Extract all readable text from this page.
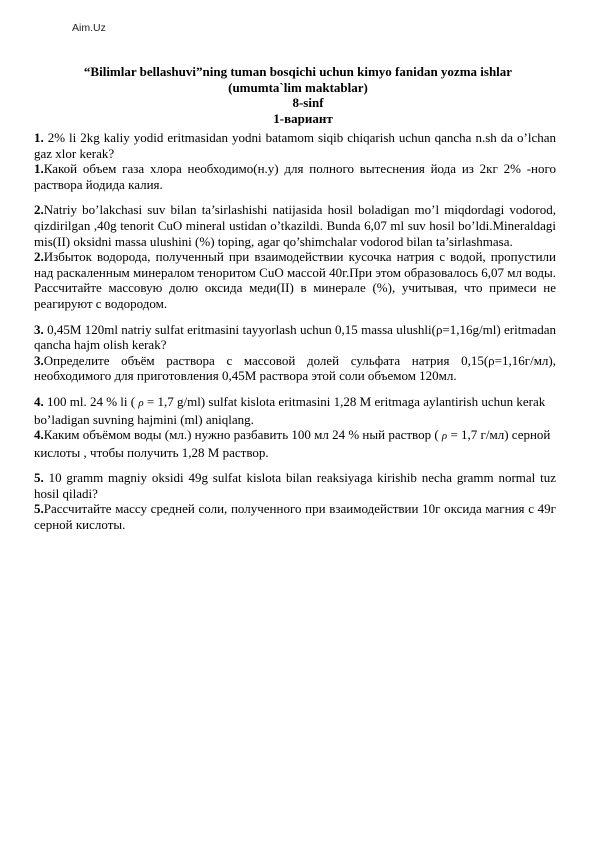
Aim.Uz
“Bilimlar bellashuvi”ning tuman bosqichi uchun kimyo fanidan yozma ishlar
(umumta`lim maktablar)
8-sinf
1-вариант

1. 2% li 2kg kaliy yodid eritmasidan yodni batamom siqib chiqarish uchun qancha n.sh da o’lchan gaz xlor kerak?

1.Какой объем газа хлора необходимо(н.у) для полного вытеснения йода из 2кг 2% -ного раствора йодида калия.

2.Natriy bo’lakchasi suv bilan ta’sirlashishi natijasida hosil boladigan mo’l miqdordagi vodorod, qizdirilgan ,40g tenorit CuO mineral ustidan o’tkazildi. Bunda 6,07 ml suv hosil bo’ldi.Mineraldagi mis(II) oksidni massa ulushini (%) toping, agar qo’shimchalar vodorod bilan ta’sirlashmasa.

2.Избыток водорода, полученный при взаимодействии кусочка натрия с водой, пропустили над раскаленным минералом тенoритом CuO массой 40г.При этом образовалось 6,07 мл воды. Рассчитайте массовую долю оксида меди(II) в минерале (%), учитывая, что примеси не реагируют с водородом.

3. 0,45M 120ml natriy sulfat eritmasini tayyorlash uchun 0,15 massa ulushli(ρ=1,16g/ml) eritmadan qancha hajm olish kerak?

3.Определите объём раствора с массовой долей сульфата натрия 0,15(ρ=1,16г/мл), необходимого для приготовления 0,45M раствора этой соли объемом 120мл.

4. 100 ml. 24 % li ( ρ = 1,7 g/ml) sulfat kislota eritmasini 1,28 M eritmaga aylantirish uchun kerak bo’ladigan suvning hajmini (ml) aniqlang.

4.Каким объёмом воды (мл.) нужно разбавить 100 мл 24 % ный раствор ( ρ = 1,7 г/мл) серной кислоты , чтобы получить 1,28 M раствор.

5. 10 gramm magniy oksidi 49g sulfat kislota bilan reaksiyaga kirishib necha gramm normal tuz hosil qiladi?

5.Рассчитайте массу средней соли, полученного при взаимодействии 10г оксида магния с 49г серной кислоты.
